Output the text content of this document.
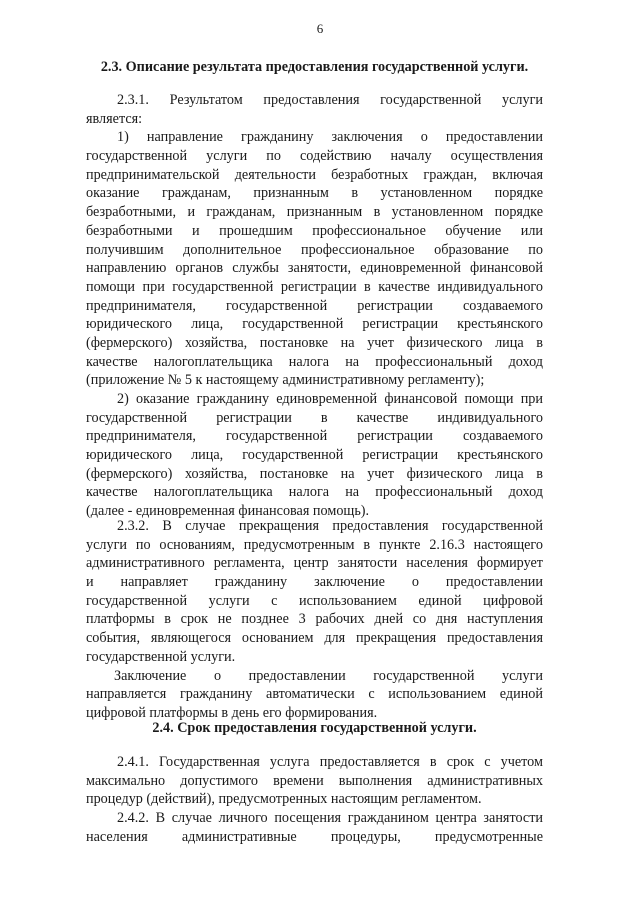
6
2.3. Описание результата предоставления государственной услуги.
2.3.1. Результатом предоставления государственной услуги
является:
1) направление гражданину заключения о предоставлении
государственной услуги по содействию началу осуществления
предпринимательской деятельности безработных граждан, включая
оказание гражданам, признанным в установленном порядке
безработными, и гражданам, признанным в установленном порядке
безработными и прошедшим профессиональное обучение или
получившим дополнительное профессиональное образование по
направлению органов службы занятости, единовременной финансовой
помощи при государственной регистрации в качестве индивидуального
предпринимателя, государственной регистрации создаваемого
юридического лица, государственной регистрации крестьянского
(фермерского) хозяйства, постановке на учет физического лица в
качестве налогоплательщика налога на профессиональный доход
(приложение № 5 к настоящему административному регламенту);
2) оказание гражданину единовременной финансовой помощи при
государственной регистрации в качестве индивидуального
предпринимателя, государственной регистрации создаваемого
юридического лица, государственной регистрации крестьянского
(фермерского) хозяйства, постановке на учет физического лица в
качестве налогоплательщика налога на профессиональный доход
(далее - единовременная финансовая помощь).
2.3.2. В случае прекращения предоставления государственной
услуги по основаниям, предусмотренным в пункте 2.16.3 настоящего
административного регламента, центр занятости населения формирует
и направляет гражданину заключение о предоставлении
государственной услуги с использованием единой цифровой
платформы в срок не позднее 3 рабочих дней со дня наступления
события, являющегося основанием для прекращения предоставления
государственной услуги.
Заключение о предоставлении государственной услуги
направляется гражданину автоматически с использованием единой
цифровой платформы в день его формирования.
2.4. Срок предоставления государственной услуги.
2.4.1. Государственная услуга предоставляется в срок с учетом
максимально допустимого времени выполнения административных
процедур (действий), предусмотренных настоящим регламентом.
2.4.2. В случае личного посещения гражданином центра занятости
населения административные процедуры, предусмотренные
